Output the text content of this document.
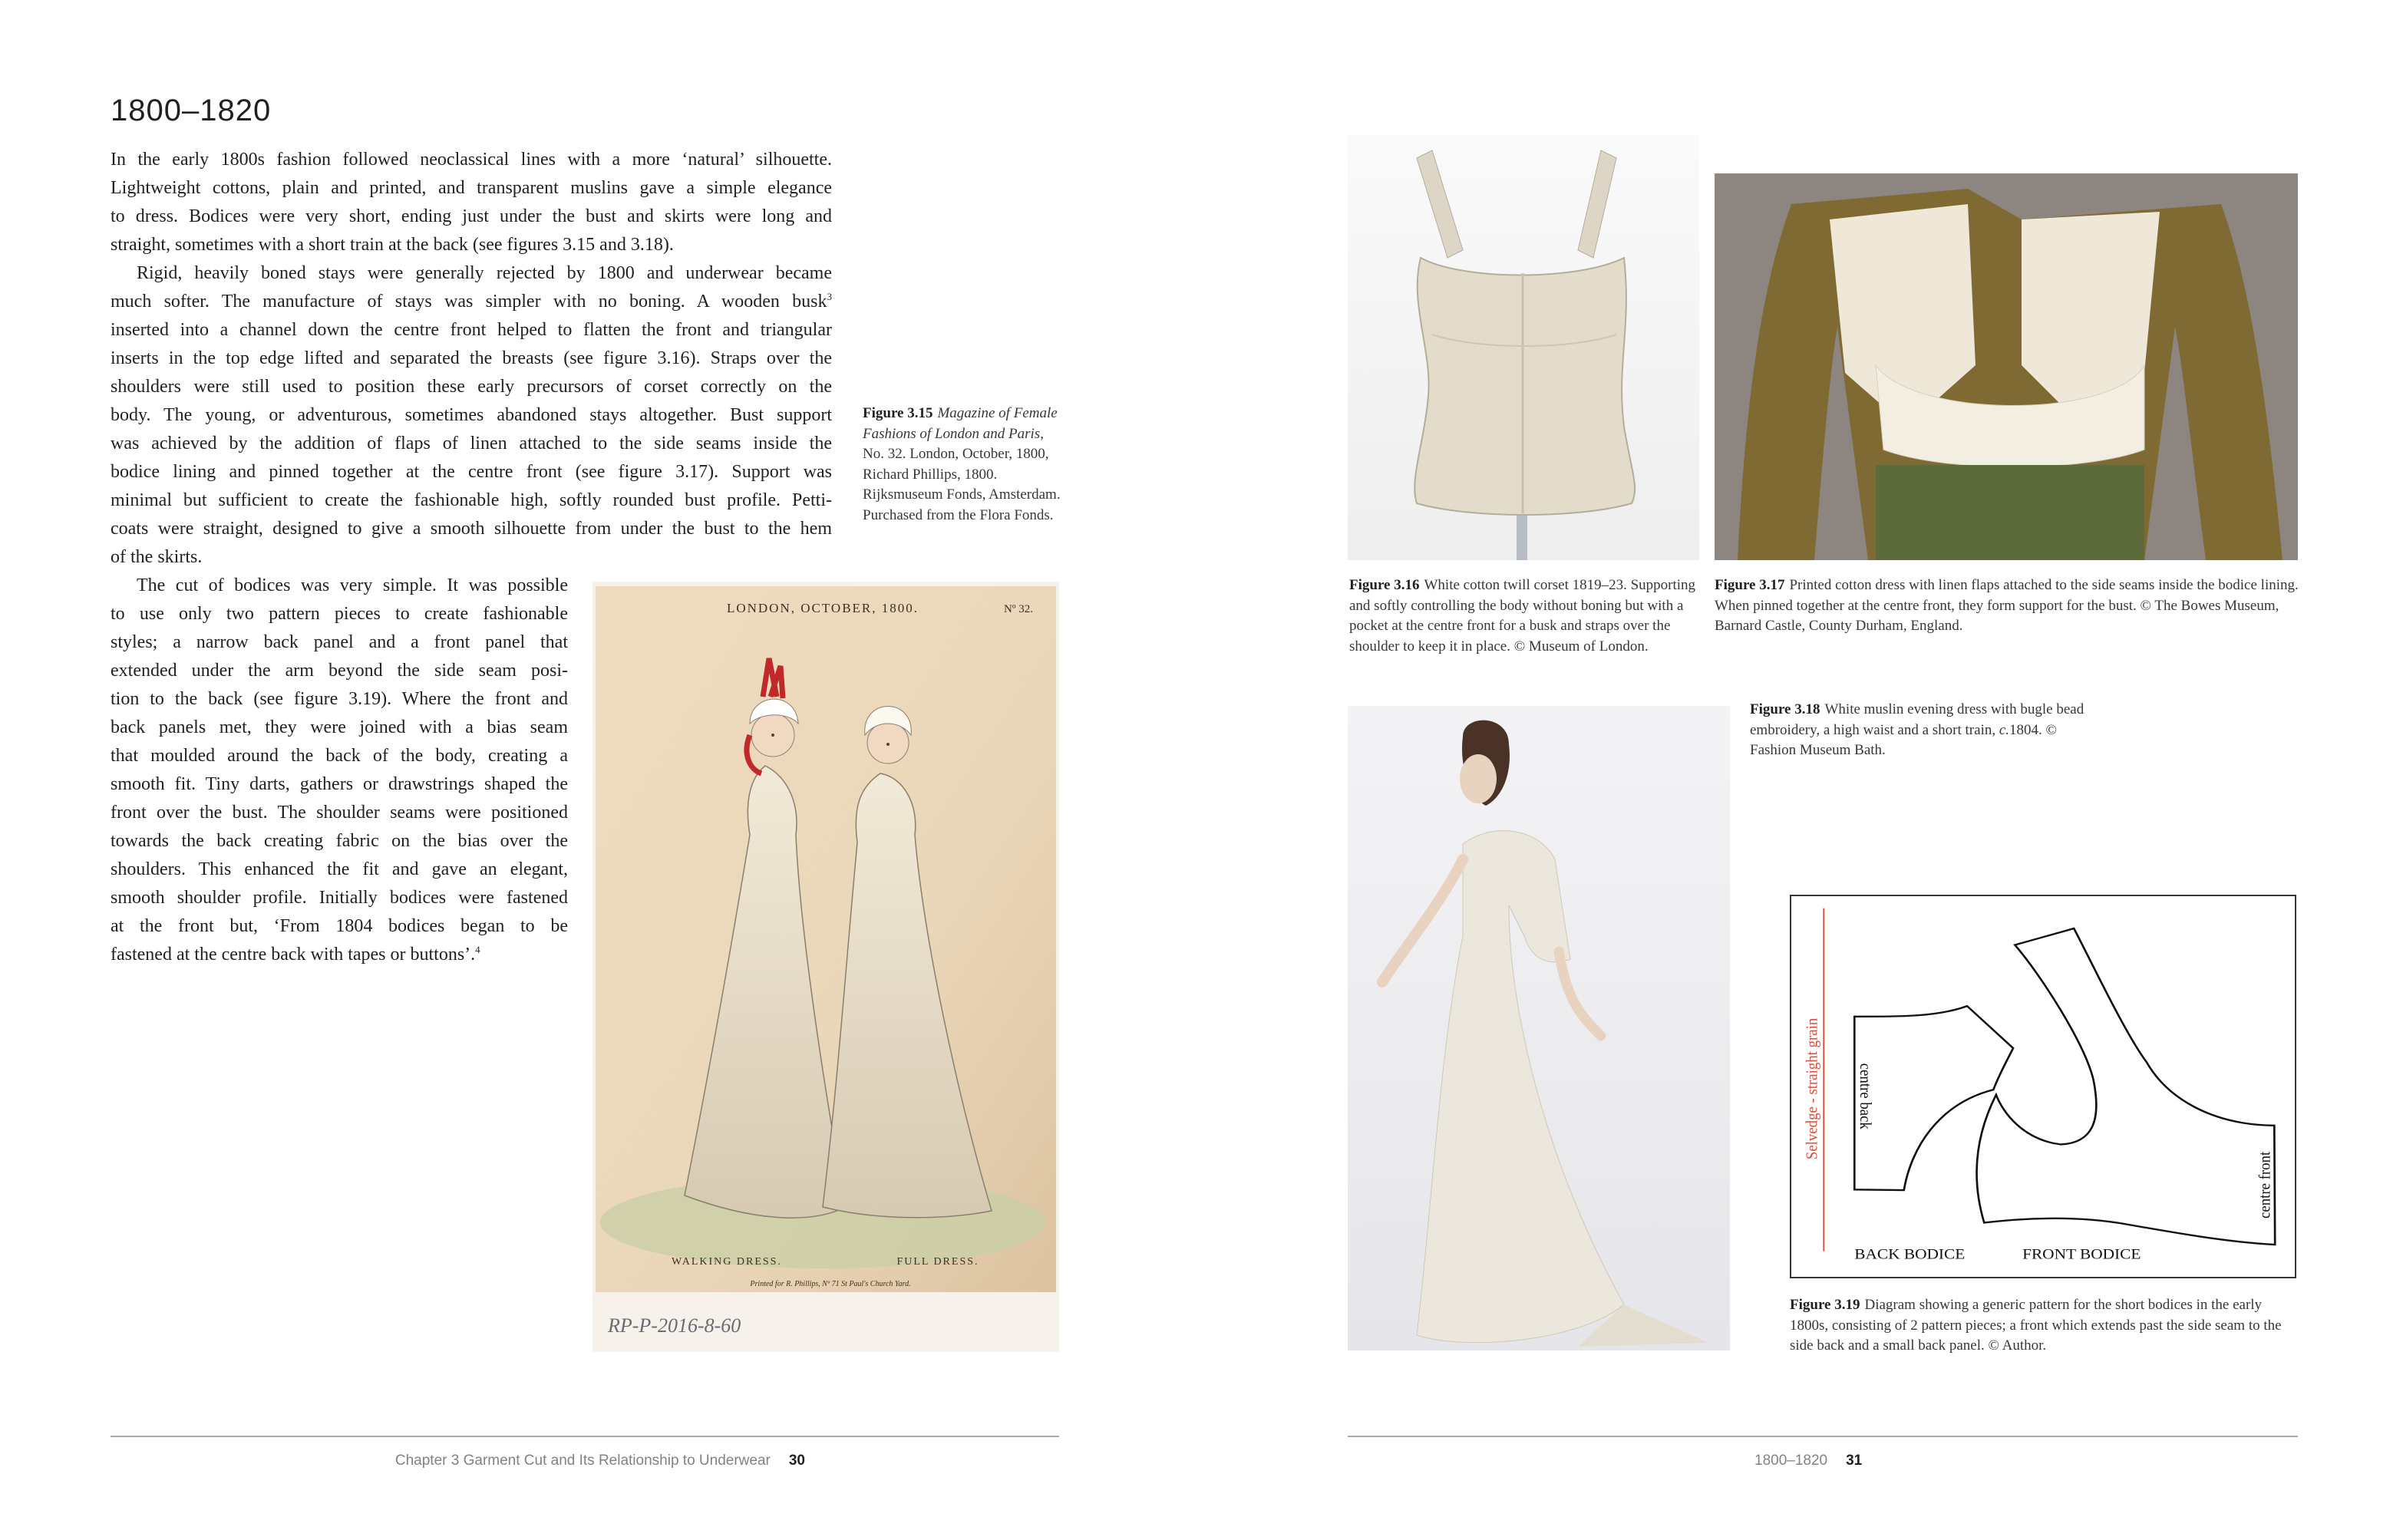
1800–1820
In the early 1800s fashion followed neoclassical lines with a more ‘natural’ silhouette.
Lightweight cottons, plain and printed, and transparent muslins gave a simple elegance
to dress. Bodices were very short, ending just under the bust and skirts were long and
straight, sometimes with a short train at the back (see figures 3.15 and 3.18).
Rigid, heavily boned stays were generally rejected by 1800 and underwear became
much softer. The manufacture of stays was simpler with no boning. A wooden busk$^3$
inserted into a channel down the centre front helped to flatten the front and triangular
inserts in the top edge lifted and separated the breasts (see figure 3.16). Straps over the
shoulders were still used to position these early precursors of corset correctly on the
body. The young, or adventurous, sometimes abandoned stays altogether. Bust support
was achieved by the addition of flaps of linen attached to the side seams inside the
bodice lining and pinned together at the centre front (see figure 3.17). Support was
minimal but sufficient to create the fashionable high, softly rounded bust profile. Petti-
coats were straight, designed to give a smooth silhouette from under the bust to the hem
of the skirts.
The cut of bodices was very simple. It was possible
to use only two pattern pieces to create fashionable
styles; a narrow back panel and a front panel that
extended under the arm beyond the side seam posi-
tion to the back (see figure 3.19). Where the front and
back panels met, they were joined with a bias seam
that moulded around the back of the body, creating a
smooth fit. Tiny darts, gathers or drawstrings shaped the
front over the bust. The shoulder seams were positioned
towards the back creating fabric on the bias over the
shoulders. This enhanced the fit and gave an elegant,
smooth shoulder profile. Initially bodices were fastened
at the front but, ‘From 1804 bodices began to be
fastened at the centre back with tapes or buttons’.$^4$
Figure 3.15 Magazine of Female Fashions of London and Paris, No. 32. London, October, 1800, Richard Phillips, 1800. Rijksmuseum Fonds, Amsterdam. Purchased from the Flora Fonds.
LONDON, OCTOBER, 1800.	Nº 32.
WALKING DRESS.	FULL DRESS.
Printed for R. Phillips, Nº 71 St Paul's Church Yard.
RP-P-2016-8-60
Figure 3.16 White cotton twill corset 1819–23. Supporting and softly controlling the body without boning but with a pocket at the centre front for a busk and straps over the shoulder to keep it in place. © Museum of London.
Figure 3.17 Printed cotton dress with linen flaps attached to the side seams inside the bodice lining. When pinned together at the centre front, they form support for the bust. © The Bowes Museum, Barnard Castle, County Durham, England.
Figure 3.18 White muslin evening dress with bugle bead embroidery, a high waist and a short train, c.1804. © Fashion Museum Bath.
Selvedge - straight grain centre back
centre front
BACK BODICE FRONT BODICE
Figure 3.19 Diagram showing a generic pattern for the short bodices in the early 1800s, consisting of 2 pattern pieces; a front which extends past the side seam to the side back and a small back panel. © Author.
Chapter 3 Garment Cut and Its Relationship to Underwear 30	1800–1820 31
